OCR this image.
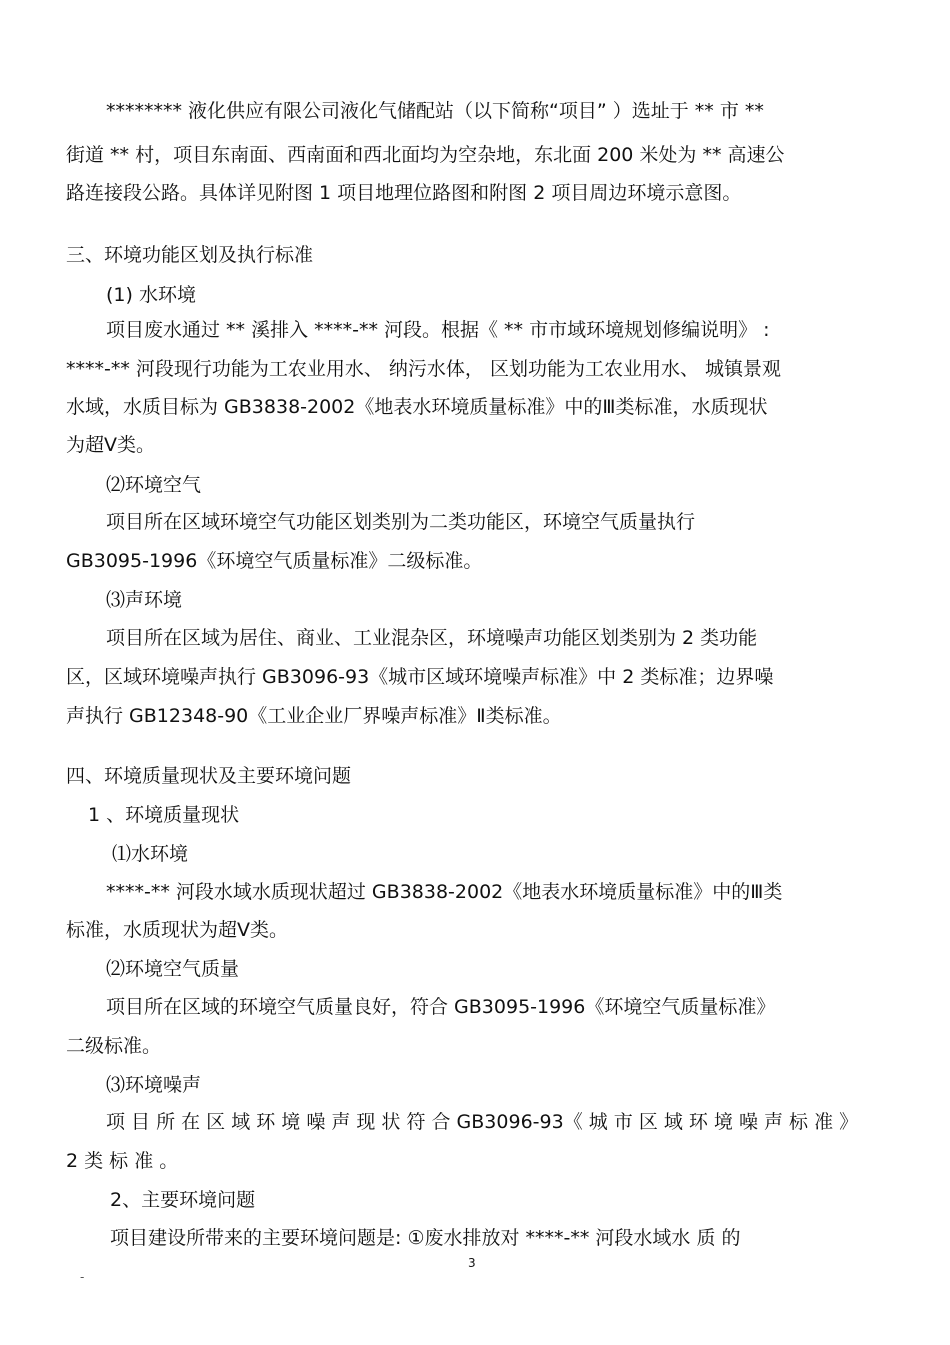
******** 液化供应有限公司液化气储配站（以下简称“项目” ）选址于 ** 市 **
街道 ** 村，项目东南面、西南面和西北面均为空杂地，东北面 200 米处为 ** 高速公
路连接段公路。具体详见附图 1 项目地理位路图和附图 2 项目周边环境示意图。
三、环境功能区划及执行标准
(1) 水环境
项目废水通过 ** 溪排入 ****-** 河段。根据《 ** 市市域环境规划修编说明》 :
****-** 河段现行功能为工农业用水、 纳污水体， 区划功能为工农业用水、 城镇景观
水域，水质目标为 GB3838-2002《地表水环境质量标准》中的Ⅲ类标准，水质现状
为超Ⅴ类。
⑵环境空气
项目所在区域环境空气功能区划类别为二类功能区，环境空气质量执行
GB3095-1996《环境空气质量标准》二级标准。
⑶声环境
项目所在区域为居住、商业、工业混杂区，环境噪声功能区划类别为 2 类功能
区，区域环境噪声执行 GB3096-93《城市区域环境噪声标准》中 2 类标准；边界噪
声执行 GB12348-90《工业企业厂界噪声标准》Ⅱ类标准。
四、环境质量现状及主要环境问题
1 、环境质量现状
⑴水环境
****-** 河段水域水质现状超过 GB3838-2002《地表水环境质量标准》中的Ⅲ类
标准，水质现状为超Ⅴ类。
⑵环境空气质量
项目所在区域的环境空气质量良好，符合 GB3095-1996《环境空气质量标准》
二级标准。
⑶环境噪声
项 目 所 在 区 域 环 境 噪 声 现 状 符 合 GB3096-93《 城 市 区 域 环 境 噪 声 标 准 》
2 类 标 准 。
2、主要环境问题
项目建设所带来的主要环境问题是: ①废水排放对 ****-** 河段水域水 质 的
3
-
